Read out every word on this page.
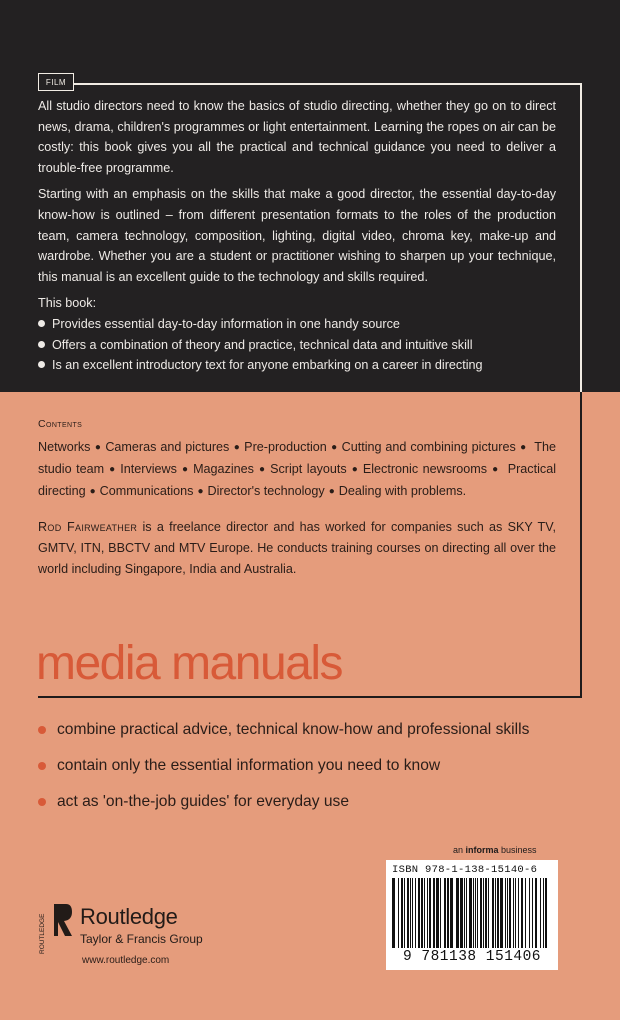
FILM

All studio directors need to know the basics of studio directing, whether they go on to direct news, drama, children's programmes or light entertainment. Learning the ropes on air can be costly: this book gives you all the practical and technical guidance you need to deliver a trouble-free programme.

Starting with an emphasis on the skills that make a good director, the essential day-to-day know-how is outlined – from different presentation formats to the roles of the production team, camera technology, composition, lighting, digital video, chroma key, make-up and wardrobe. Whether you are a student or practitioner wishing to sharpen up your technique, this manual is an excellent guide to the technology and skills required.

This book:
Provides essential day-to-day information in one handy source
Offers a combination of theory and practice, technical data and intuitive skill
Is an excellent introductory text for anyone embarking on a career in directing
Contents
Networks ● Cameras and pictures ● Pre-production ● Cutting and combining pictures ● The studio team ● Interviews ● Magazines ● Script layouts ● Electronic newsrooms ● Practical directing ● Communications ● Director's technology ● Dealing with problems.
Rod Fairweather is a freelance director and has worked for companies such as SKY TV, GMTV, ITN, BBCTV and MTV Europe. He conducts training courses on directing all over the world including Singapore, India and Australia.
media manuals
combine practical advice, technical know-how and professional skills
contain only the essential information you need to know
act as 'on-the-job guides' for everyday use
an informa business
ISBN 978-1-138-15140-6
9 781138 151406
ROUTLEDGE Routledge
Taylor & Francis Group
www.routledge.com
